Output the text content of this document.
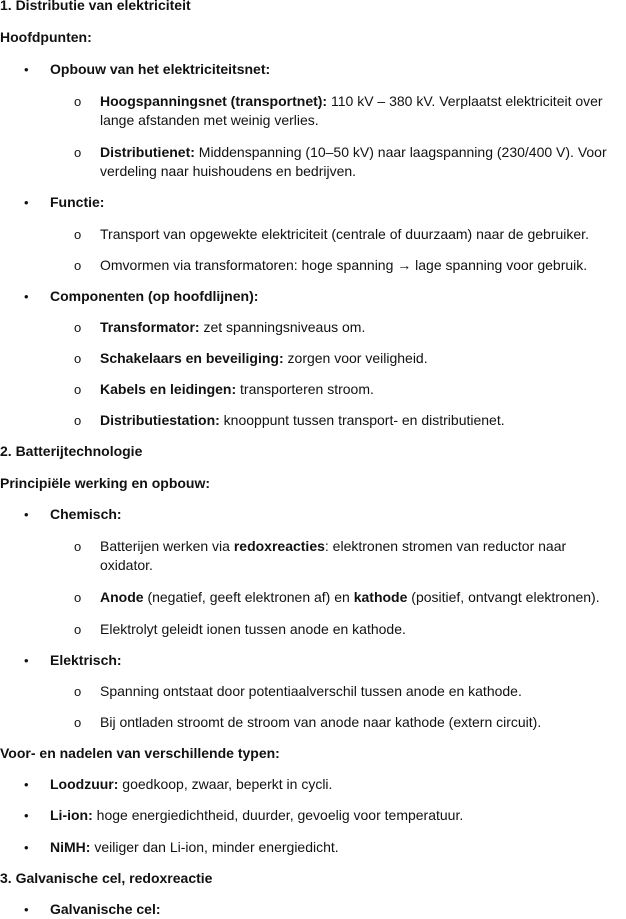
1. Distributie van elektriciteit
Hoofdpunten:
• Opbouw van het elektriciteitsnet:
o Hoogspanningsnet (transportnet): 110 kV – 380 kV. Verplaatst elektriciteit over lange afstanden met weinig verlies.
o Distributienet: Middenspanning (10–50 kV) naar laagspanning (230/400 V). Voor verdeling naar huishoudens en bedrijven.
• Functie:
o Transport van opgewekte elektriciteit (centrale of duurzaam) naar de gebruiker.
o Omvormen via transformatoren: hoge spanning → lage spanning voor gebruik.
• Componenten (op hoofdlijnen):
o Transformator: zet spanningsniveaus om.
o Schakelaars en beveiliging: zorgen voor veiligheid.
o Kabels en leidingen: transporteren stroom.
o Distributiestation: knooppunt tussen transport- en distributienet.
2. Batterijtechnologie
Principiële werking en opbouw:
• Chemisch:
o Batterijen werken via redoxreacties: elektronen stromen van reductor naar oxidator.
o Anode (negatief, geeft elektronen af) en kathode (positief, ontvangt elektronen).
o Elektrolyt geleidt ionen tussen anode en kathode.
• Elektrisch:
o Spanning ontstaat door potentiaalverschil tussen anode en kathode.
o Bij ontladen stroomt de stroom van anode naar kathode (extern circuit).
Voor- en nadelen van verschillende typen:
• Loodzuur: goedkoop, zwaar, beperkt in cycli.
• Li-ion: hoge energiedichtheid, duurder, gevoelig voor temperatuur.
• NiMH: veiliger dan Li-ion, minder energiedicht.
3. Galvanische cel, redoxreactie
• Galvanische cel:
